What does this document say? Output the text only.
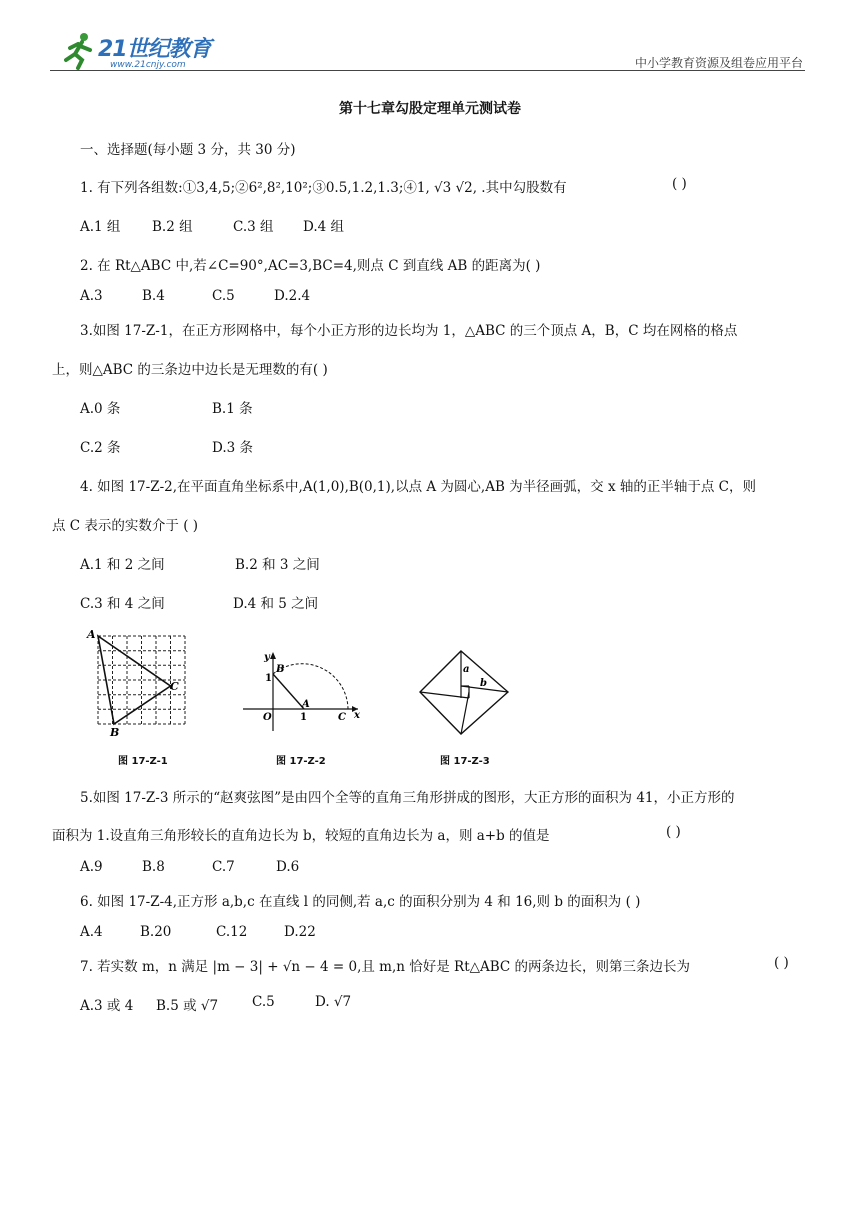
21世纪教育
www.21cnjy.com	中小学教育资源及组卷应用平台
第十七章勾股定理单元测试卷
一、选择题(每小题 3 分，共 30 分)
1. 有下列各组数:①3,4,5;②6²,8²,10²;③0.5,1.2,1.3;④1, √3 √2, .其中勾股数有	( )
A.1 组 B.2 组	C.3 组 D.4 组
2. 在 Rt△ABC 中,若∠C=90°,AC=3,BC=4,则点 C 到直线 AB 的距离为( )
A.3	B.4	C.5	D.2.4
3.如图 17-Z-1，在正方形网格中，每个小正方形的边长均为 1，△ABC 的三个顶点 A，B，C 均在网格的格点
上，则△ABC 的三条边中边长是无理数的有( )
A.0 条	B.1 条
C.2 条	D.3 条
4. 如图 17-Z-2,在平面直角坐标系中,A(1,0),B(0,1),以点 A 为圆心,AB 为半径画弧，交 x 轴的正半轴于点 C，则
点 C 表示的实数介于 ( )
A.1 和 2 之间	B.2 和 3 之间
C.3 和 4 之间	D.4 和 5 之间
A
B
C
图 17-Z-1
y
B
1
O	1
A
C x
图 17-Z-2
a
b
图 17-Z-3
5.如图 17-Z-3 所示的“赵爽弦图”是由四个全等的直角三角形拼成的图形，大正方形的面积为 41，小正方形的
面积为 1.设直角三角形较长的直角边长为 b，较短的直角边长为 a，则 a+b 的值是	( )
A.9	B.8	C.7	D.6
6. 如图 17-Z-4,正方形 a,b,c 在直线 l 的同侧,若 a,c 的面积分别为 4 和 16,则 b 的面积为 ( )
A.4	B.20	C.12	D.22
7. 若实数 m，n 满足 |m − 3| + √n − 4 = 0,且 m,n 恰好是 Rt△ABC 的两条边长，则第三条边长为	( )
A.3 或 4 B.5 或 √7	C.5	D. √7
